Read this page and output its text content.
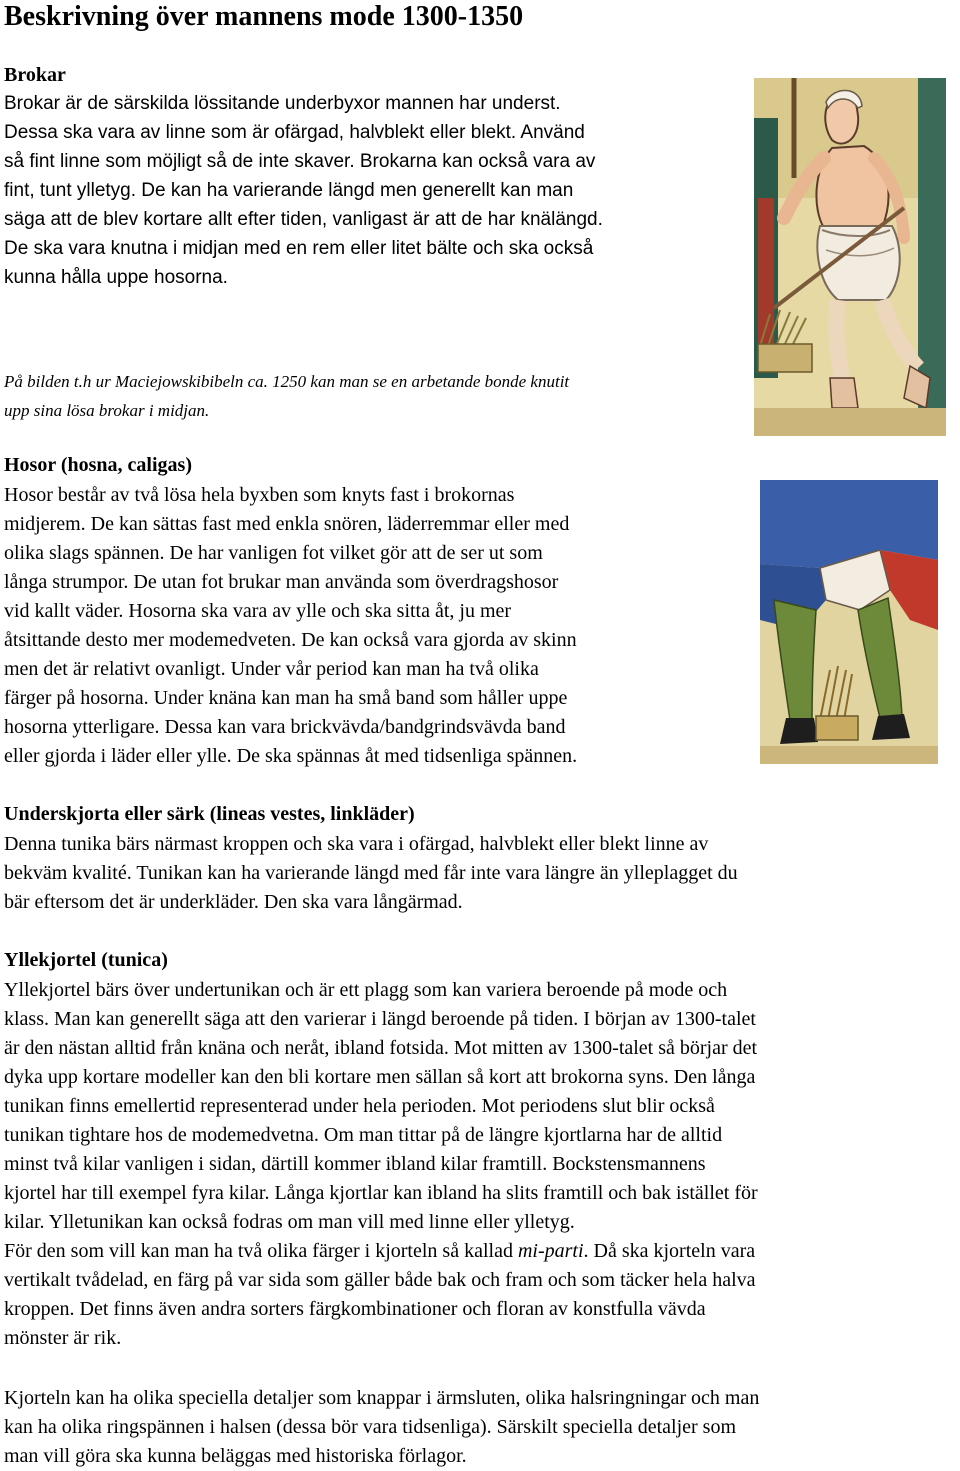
Beskrivning över mannens mode 1300-1350
Brokar
Brokar är de särskilda lössitande underbyxor mannen har underst.
Dessa ska vara av linne som är ofärgad, halvblekt eller blekt. Använd
så fint linne som möjligt så de inte skaver. Brokarna kan också vara av
fint, tunt ylletyg. De kan ha varierande längd men generellt kan man
säga att de blev kortare allt efter tiden, vanligast är att de har knälängd.
De ska vara knutna i midjan med en rem eller litet bälte och ska också
kunna hålla uppe hosorna.
På bilden t.h ur Maciejowskibibeln ca. 1250 kan man se en arbetande bonde knutit
upp sina lösa brokar i midjan.
Hosor (hosna, caligas)
Hosor består av två lösa hela byxben som knyts fast i brokornas
midjerem. De kan sättas fast med enkla snören, läderremmar eller med
olika slags spännen. De har vanligen fot vilket gör att de ser ut som
långa strumpor. De utan fot brukar man använda som överdragshosor
vid kallt väder. Hosorna ska vara av ylle och ska sitta åt, ju mer
åtsittande desto mer modemedveten. De kan också vara gjorda av skinn
men det är relativt ovanligt. Under vår period kan man ha två olika
färger på hosorna. Under knäna kan man ha små band som håller uppe
hosorna ytterligare. Dessa kan vara brickvävda/bandgrindsvävda band
eller gjorda i läder eller ylle. De ska spännas åt med tidsenliga spännen.
Underskjorta eller särk (lineas vestes, linkläder)
Denna tunika bärs närmast kroppen och ska vara i ofärgad, halvblekt eller blekt linne av
bekväm kvalité. Tunikan kan ha varierande längd med får inte vara längre än ylleplagget du
bär eftersom det är underkläder. Den ska vara långärmad.
Yllekjortel (tunica)
Yllekjortel bärs över undertunikan och är ett plagg som kan variera beroende på mode och
klass. Man kan generellt säga att den varierar i längd beroende på tiden. I början av 1300-talet
är den nästan alltid från knäna och neråt, ibland fotsida. Mot mitten av 1300-talet så börjar det
dyka upp kortare modeller kan den bli kortare men sällan så kort att brokorna syns. Den långa
tunikan finns emellertid representerad under hela perioden. Mot periodens slut blir också
tunikan tightare hos de modemedvetna. Om man tittar på de längre kjortlarna har de alltid
minst två kilar vanligen i sidan, därtill kommer ibland kilar framtill. Bockstensmannens
kjortel har till exempel fyra kilar. Långa kjortlar kan ibland ha slits framtill och bak istället för
kilar. Ylletunikan kan också fodras om man vill med linne eller ylletyg.
För den som vill kan man ha två olika färger i kjorteln så kallad mi-parti. Då ska kjorteln vara
vertikalt tvådelad, en färg på var sida som gäller både bak och fram och som täcker hela halva
kroppen. Det finns även andra sorters färgkombinationer och floran av konstfulla vävda
mönster är rik.
Kjorteln kan ha olika speciella detaljer som knappar i ärmsluten, olika halsringningar och man
kan ha olika ringspännen i halsen (dessa bör vara tidsenliga). Särskilt speciella detaljer som
man vill göra ska kunna beläggas med historiska förlagor.
